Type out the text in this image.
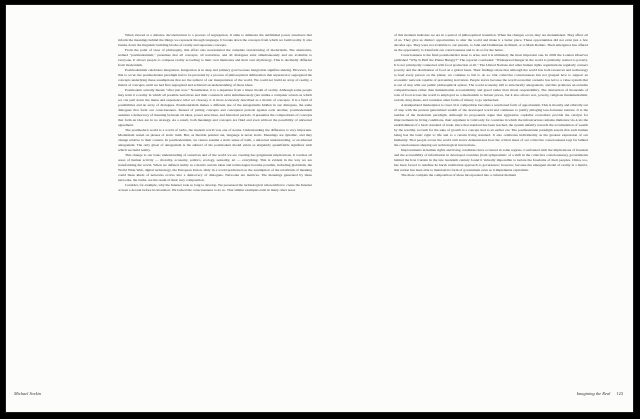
When viewed at a distance deconstruction is a process of segregation. It aims to delineate the subliminal power structures that inform the meanings behind the things we represent through language. It breaks down the concepts from which we build reality. It also breaks down the linguistic building blocks of reality and separates concepts.

From the point of view of philosophy, this effort also necessitated the complete restructuring of modernism. The alternative, termed "postmodernism," presumes that all concepts, all narratives, and all dialogues exist simultaneously and are available to everyone. It allows people to compose reality according to their own memories and their own mythology. This is decidedly different from modernism.

Postmodernism celebrates integration. Integration is in deep and primary goal because integration signifies sharing. However, for this to occur, the postmodernist paradigm had to be preceded by a process of philosophical deliberation that separated or segregated the concepts underlying these assumptions that are the subtext of our interpretation of the world. We could not build an array of reality, a matrix of concepts, until we had first segregated and achieved an understanding of those ideas.

Postmodern actually means "after just now." Nonetheless, it is a departure from a linear model of reality. Although some people may term it a reality in which all possible narratives and their constructs exist simultaneously (not unlike a computer screen on which we can pull down the menu and experience what we choose), it is more accurately described as a matrix of concepts. It is a field of possibilities and an array of dialogues. Postmodernism makes a different use of the antagonisms hidden in our dialogues, the same dialogues that form our consciousness. Instead of pitting concepts and conceptual periods against each another, postmodernism assumes a democracy of meaning between all ideas, power structures, and historical periods. It presumes the compositions of concepts that form an idea are in no strategy. As a result, both meanings and concepts are fluid and even without the possibility of universal agreement.

The postmodern world is a world of verbs, the modern world was one of nouns. Understanding the difference is very important. Modernism rested on phases of static truth. But, as Derrida pointed out, language is never static. Meanings are dynamic, and they change relative to their context. In postmodernism, we cannot assume a static sense of truth, a universal understanding, or an ethereal antagonism. The only ghost of antagonism is the subtext of the postmodern model exists as singularly quantifiable signifiers with which we build reality.

This change to our basic understanding of ourselves and of the world we are creating has gargantuan implications. It touches all areas of human activity — morality, economy, politics, ecology, sexuality, art — everything. This is evident in the way we are transforming the world. When we defined reality as a matrix certain ideas and technologies became possible, including globalism, the World Wide Web, digital technology, the European Union. Only in a world predicated on the assumption of the relativism of meaning could these kinds of networks evolve into a democracy of dialogues. Networks are matrices. The meanings generated by these networks, the truths, are the result of their very composition.

Consider, for example, why the Internet took so long to develop. We possessed the technological wherewithal to create the Internet at least a decade before its invention. We lacked the consciousness to do so. That similar examples exist in many other areas

Michael Sorkin

of this moment indicates we are in a period of philosophical transition. When the changes occur, they are monumental. They affect all of us. They give us distinct opportunities to alter the world and make it a better place. These opportunities did not exist just a few decades ago. They were not available to our parents, to John and Dominique de Menil, or to Mark Rothko. Their emergence has offered us the opportunity to transform our consciousness and to do so for the better.

Consciousness is the final postmodernist issue to arise, and it is ultimately the most important one. In 2002 the London Observer published "Why Is Half the Planet Hungry?" The reporter concluded: "Widespread hunger in the world is primarily related to poverty. It is not principally connected with food production at all." The United Nations and other human rights organizations regularly connect poverty and the distribution of food on a global basis. Their findings relate that although the world has both resources and technology to feed every person on the planet, we continue to fail to do so. Our collective consciousness has not grasped how to support an economic network capable of preventing starvation. People starve because the world economic scenario has led to a value system that is out of step with our public philosophical syntax. The world economy still is structurally antagonistic, and this promotes an extreme competitiveness rather than humanitarian accountability and greed rather than moral responsibility. The destruction of thousands of tons of food across the world is employed as a mechanism to bolster prices, but it also allows war, poverty, religious fundamentalism, racism, drug abuse, and countless other forms of misery to go unchecked.

A manipulated marketplace is cruel. In it competition becomes a sanctioned form of opportunism. This is morally and ethically out of step with the present generalized wealth of the developed world and continues to justify pillaging less-fortunate nations. It is the residue of the modernist paradigm. Although its proponents argue that aggressive capitalist economics provide the catalyst for improvements in living conditions, their argument is valid only for countries in which the infrastructure remains immature vis-à-vis the establishment of a basic standard of trade. Once that standard has been reached, the system unfairly rewards the accumulation of wealth by the wealthy. Growth for the sake of growth is a concept tied to an earlier era. The postmodernist paradigm asserts that each human being has the basic right to life and to a certain living standard. It also celebrates individuality as the greatest expression of our humanity. That people across the world still starve demonstrates how the critical mass of our collective consciousness lags far behind the consciousness shaping our technological innovations.

Improvements in human rights and living conditions have occurred in some regions. Confronted with the implications of freedom and the accessibility of information in developed countries (both symptomatic of a shift in the collective consciousness), governments behind the Iron Curtain in the late twentieth century found it virtually impossible to isolate the freedoms of their peoples. China, too, has been forced to redefine its harsh totalitarian approach to governance; however, because the emergent model of reality is a matrix, that nation has been able to maintain its form of government even as it implements capitalism.

The more complex the composition of ideas incorporated into a cultural moment

Imagining the Real 123
